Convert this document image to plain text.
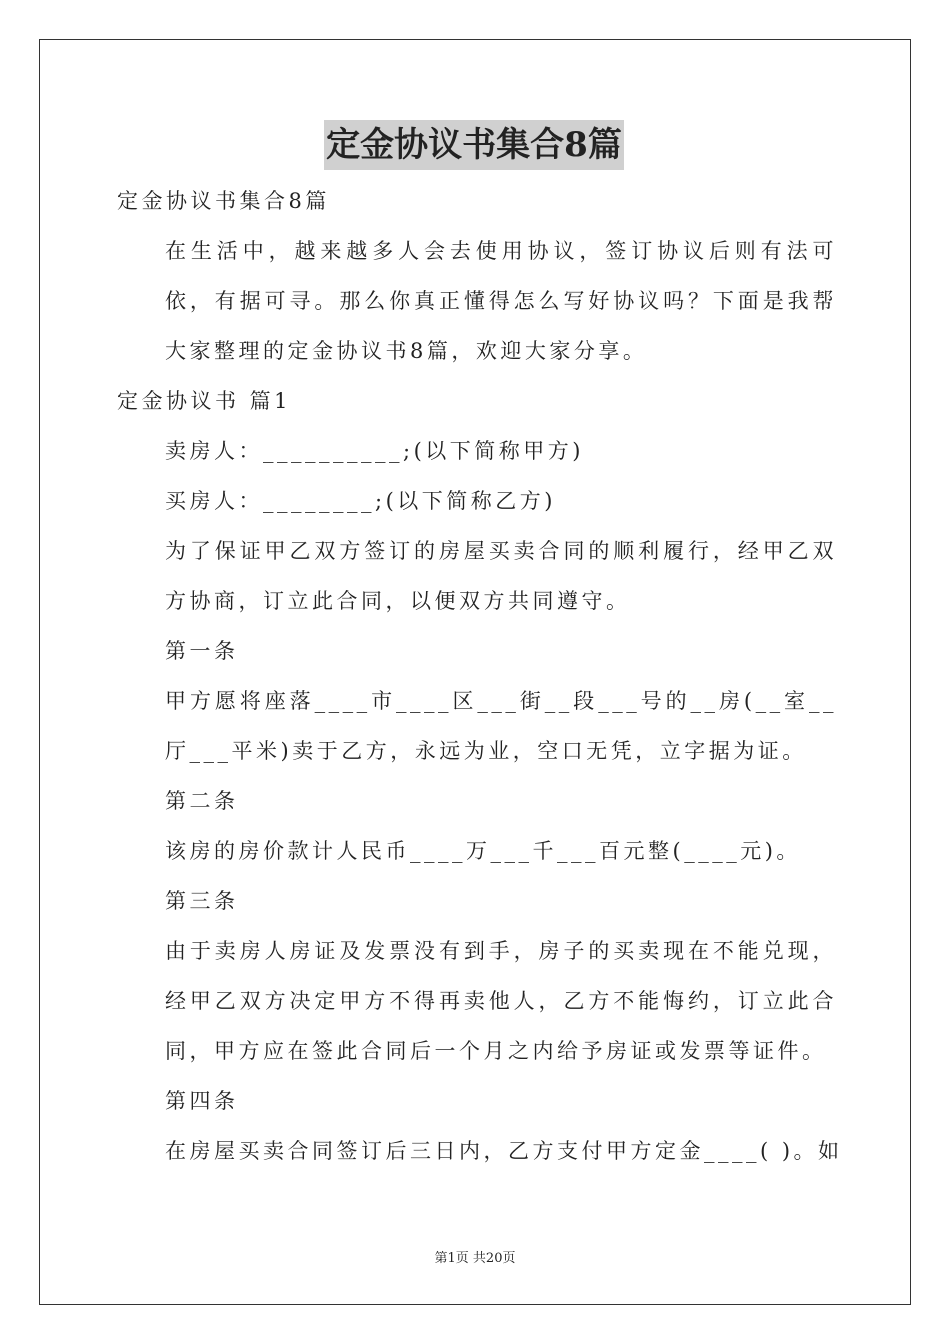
定金协议书集合8篇

定金协议书集合8篇

在生活中，越来越多人会去使用协议，签订协议后则有法可依，有据可寻。那么你真正懂得怎么写好协议吗？下面是我帮大家整理的定金协议书8篇，欢迎大家分享。

定金协议书 篇1

卖房人：__________;(以下简称甲方)

买房人：________;(以下简称乙方)

为了保证甲乙双方签订的房屋买卖合同的顺利履行，经甲乙双方协商，订立此合同，以便双方共同遵守。

第一条

甲方愿将座落____市____区___街__段___号的__房(__室__厅___平米)卖于乙方，永远为业，空口无凭，立字据为证。

第二条

该房的房价款计人民币____万___千___百元整(____元)。

第三条

由于卖房人房证及发票没有到手，房子的买卖现在不能兑现，经甲乙双方决定甲方不得再卖他人，乙方不能悔约，订立此合同，甲方应在签此合同后一个月之内给予房证或发票等证件。

第四条

在房屋买卖合同签订后三日内，乙方支付甲方定金____( )。如

第1页 共20页
